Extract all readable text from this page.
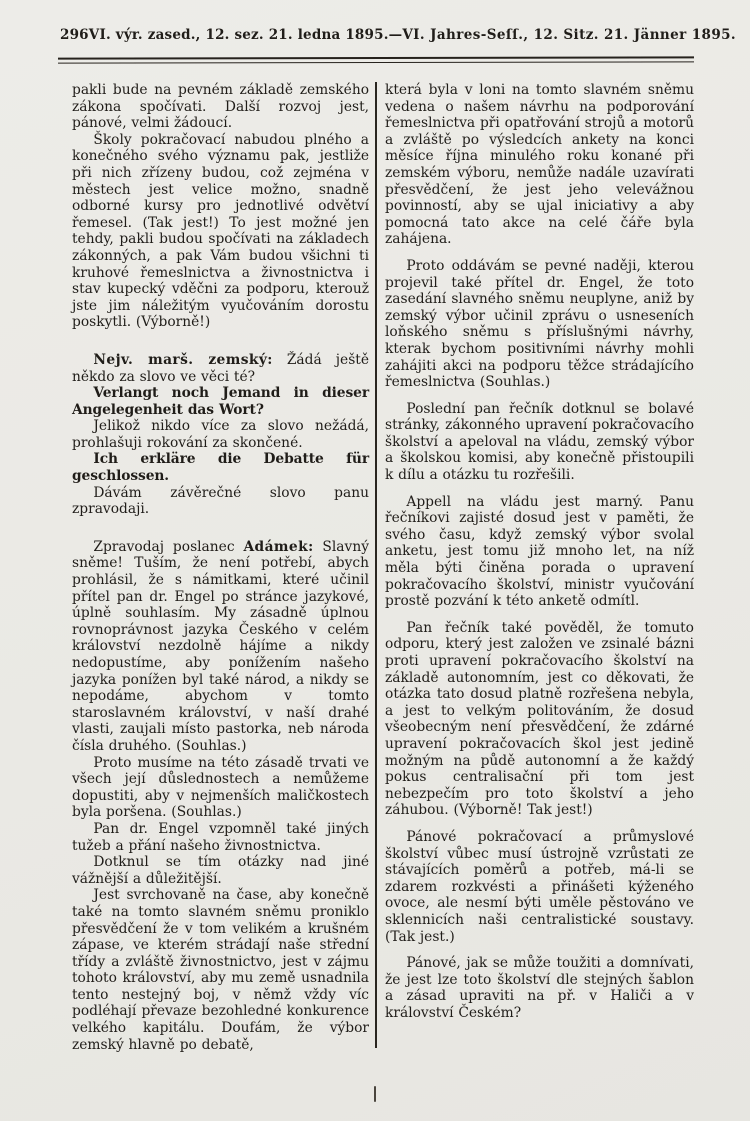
296 VI. výr. zased., 12. sez. 21. ledna 1895. — VI. Jahres-Seſſ., 12. Sitz. 21. Jänner 1895.

pakli bude na pevném základě zemského zákona spočívati. Další rozvoj jest, pánové, velmi žádoucí.

Školy pokračovací nabudou plného a konečného svého významu pak, jestliže při nich zřízeny budou, což zejména v městech jest velice možno, snadně odborné kursy pro jednotlivé odvětví řemesel. (Tak jest!) To jest možné jen tehdy, pakli budou spočívati na základech zákonných, a pak Vám budou všichni ti kruhové řemeslnictva a živnostnictva i stav kupecký vděčni za podporu, kterouž jste jim náležitým vyučováním dorostu poskytli. (Výborně!)

Nejv. marš. zemský: Žádá ještě někdo za slovo ve věci té?

Verlangt noch Jemand in dieser Angelegenheit das Wort?

Jelikož nikdo více za slovo nežádá, prohlašuji rokování za skončené.

Ich erkläre die Debatte für geschlossen.

Dávám závěrečné slovo panu zpravodaji.

Zpravodaj poslanec Adámek: Slavný sněme! Tuším, že není potřebí, abych prohlásil, že s námitkami, které učinil přítel pan dr. Engel po stránce jazykové, úplně souhlasím. My zásadně úplnou rovnoprávnost jazyka Českého v celém království nezdolně hájíme a nikdy nedopustíme, aby ponížením našeho jazyka ponížen byl také národ, a nikdy se nepodáme, abychom v tomto staroslavném království, v naší drahé vlasti, zaujali místo pastorka, neb národa čísla druhého. (Souhlas.)

Proto musíme na této zásadě trvati ve všech její důslednostech a nemůžeme dopustiti, aby v nejmenších maličkostech byla poršena. (Souhlas.)

Pan dr. Engel vzpomněl také jiných tužeb a přání našeho živnostnictva.

Dotknul se tím otázky nad jiné vážnější a důležitější.

Jest svrchovaně na čase, aby konečně také na tomto slavném sněmu proniklo přesvědčení že v tom velikém a krušném zápase, ve kterém strádají naše střední třídy a zvláště živnostnictvo, jest v zájmu tohoto království, aby mu země usnadnila tento nestejný boj, v němž vždy víc podléhají převaze bezohledné konkurence velkého kapitálu. Doufám, že výbor zemský hlavně po debatě,

která byla v loni na tomto slavném sněmu vedena o našem návrhu na podporování řemeslnictva při opatřování strojů a motorů a zvláště po výsledcích ankety na konci měsíce října minulého roku konané při zemském výboru, nemůže nadále uzavírati přesvědčení, že jest jeho velevážnou povinností, aby se ujal iniciativy a aby pomocná tato akce na celé čáře byla zahájena.

Proto oddávám se pevné naději, kterou projevil také přítel dr. Engel, že toto zasedání slavného sněmu neuplyne, aniž by zemský výbor učinil zprávu o usneseních loňského sněmu s příslušnými návrhy, kterak bychom positivními návrhy mohli zahájiti akci na podporu těžce strádajícího řemeslnictva (Souhlas.)

Poslední pan řečník dotknul se bolavé stránky, zákonného upravení pokračovacího školství a apeloval na vládu, zemský výbor a školskou komisi, aby konečně přistoupili k dílu a otázku tu rozřešili.

Appell na vládu jest marný. Panu řečníkovi zajisté dosud jest v paměti, že svého času, když zemský výbor svolal anketu, jest tomu již mnoho let, na níž měla býti činěna porada o upravení pokračovacího školství, ministr vyučování prostě pozvání k této anketě odmítl.

Pan řečník také pověděl, že tomuto odporu, který jest založen ve zsinalé bázni proti upravení pokračovacího školství na základě autonomním, jest co děkovati, že otázka tato dosud platně rozřešena nebyla, a jest to velkým politováním, že dosud všeobecným není přesvědčení, že zdárné upravení pokračovacích škol jest jedině možným na půdě autonomní a že každý pokus centralisační při tom jest nebezpečím pro toto školství a jeho záhubou. (Výborně! Tak jest!)

Pánové pokračovací a průmyslové školství vůbec musí ústrojně vzrůstati ze stávajících poměrů a potřeb, má-li se zdarem rozkvésti a přinášeti kýženého ovoce, ale nesmí býti uměle pěstováno ve sklennicích naši centralistické soustavy. (Tak jest.)

Pánové, jak se může toužiti a domnívati, že jest lze toto školství dle stejných šablon a zásad upraviti na př. v Haliči a v království Českém?
